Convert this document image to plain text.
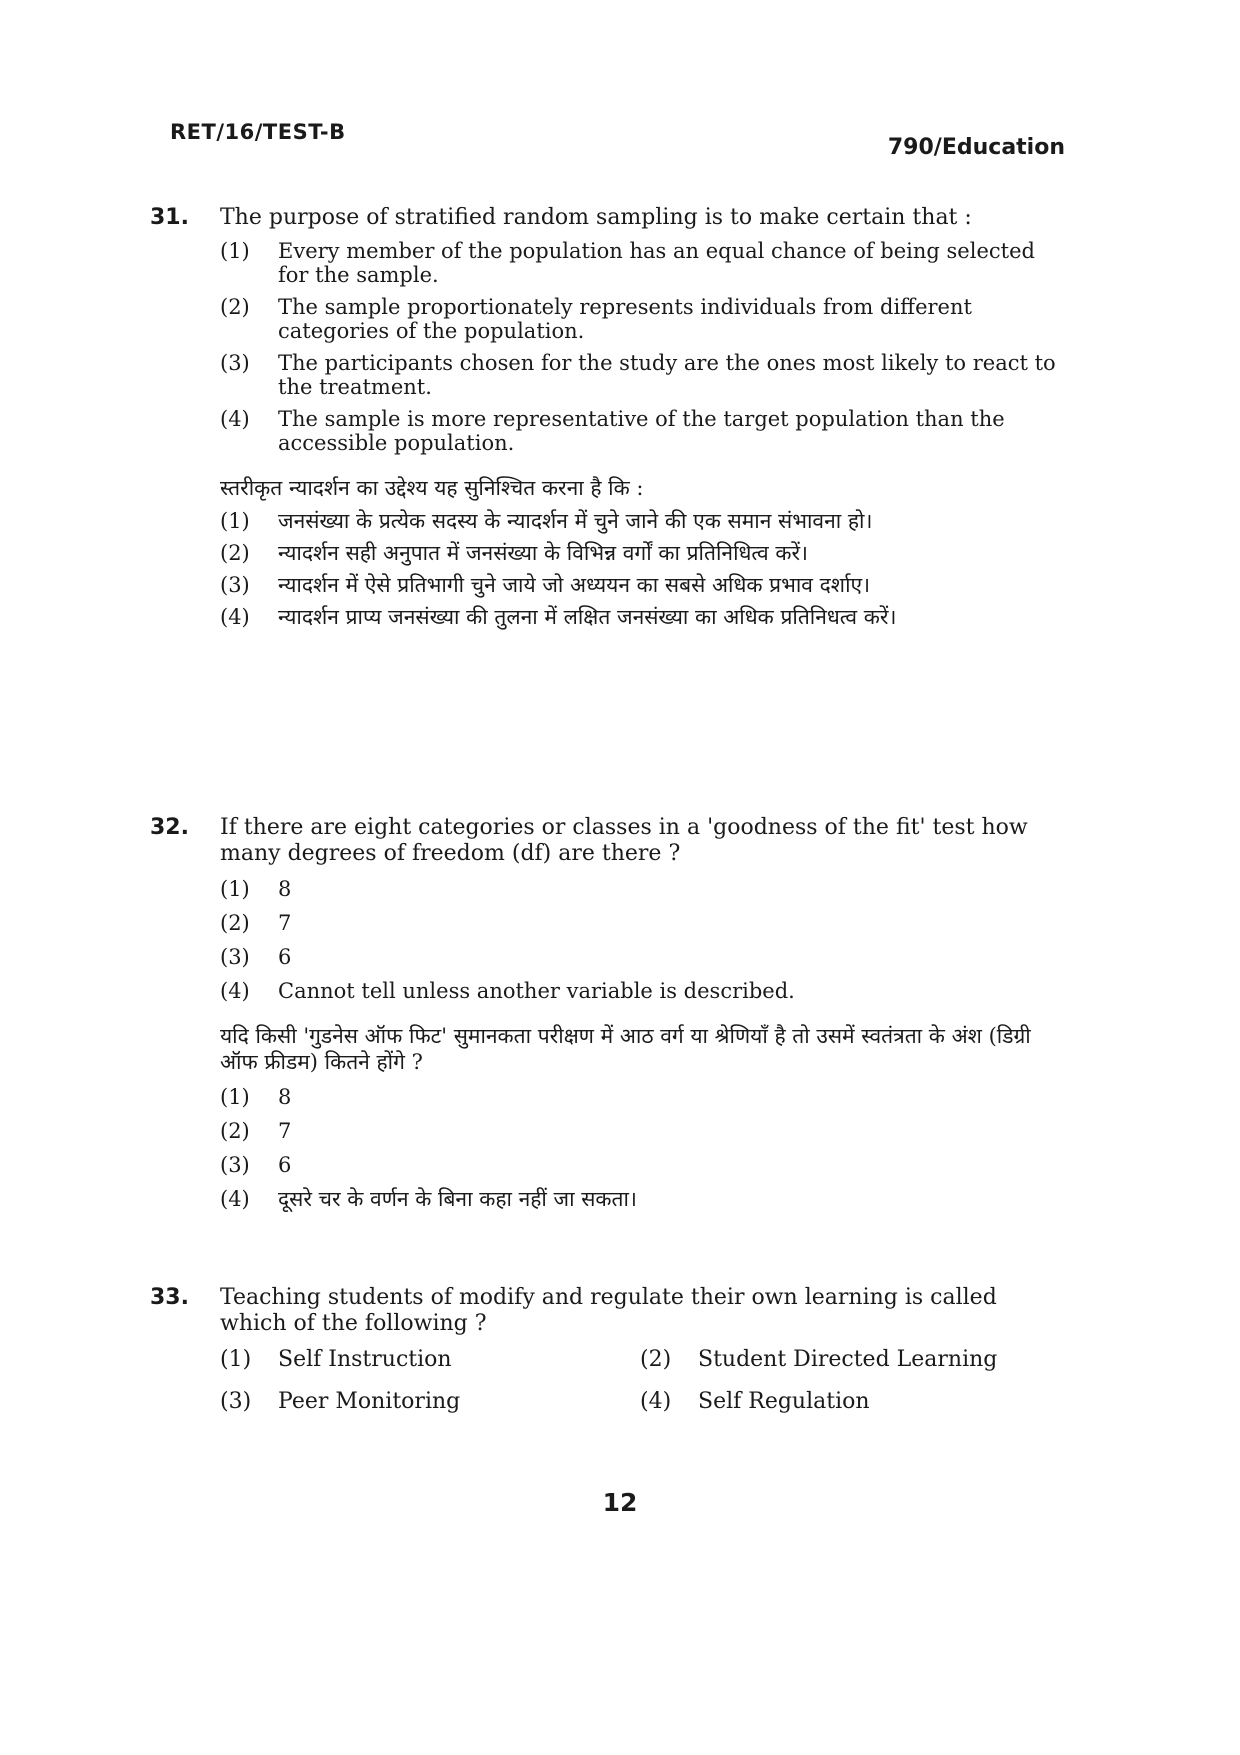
RET/16/TEST-B
790/Education
31. The purpose of stratified random sampling is to make certain that :
(1) Every member of the population has an equal chance of being selected for the sample.
(2) The sample proportionately represents individuals from different categories of the population.
(3) The participants chosen for the study are the ones most likely to react to the treatment.
(4) The sample is more representative of the target population than the accessible population.
स्तरीकृत न्यादर्शन का उद्देश्य यह सुनिश्चित करना है कि :
(1) जनसंख्या के प्रत्येक सदस्य के न्यादर्शन में चुने जाने की एक समान संभावना हो।
(2) न्यादर्शन सही अनुपात में जनसंख्या के विभिन्न वर्गों का प्रतिनिधित्व करें।
(3) न्यादर्शन में ऐसे प्रतिभागी चुने जाये जो अध्ययन का सबसे अधिक प्रभाव दर्शाए।
(4) न्यादर्शन प्राप्य जनसंख्या की तुलना में लक्षित जनसंख्या का अधिक प्रतिनिधत्व करें।
32. If there are eight categories or classes in a 'goodness of the fit' test how many degrees of freedom (df) are there ?
(1) 8
(2) 7
(3) 6
(4) Cannot tell unless another variable is described.
यदि किसी 'गुडनेस ऑफ फिट' सुमानकता परीक्षण में आठ वर्ग या श्रेणियाँ है तो उसमें स्वतंत्रता के अंश (डिग्री ऑफ फ्रीडम) कितने होंगे ?
(1) 8
(2) 7
(3) 6
(4) दूसरे चर के वर्णन के बिना कहा नहीं जा सकता।
33. Teaching students of modify and regulate their own learning is called which of the following ?
(1) Self Instruction	(2) Student Directed Learning
(3) Peer Monitoring	(4) Self Regulation
12
